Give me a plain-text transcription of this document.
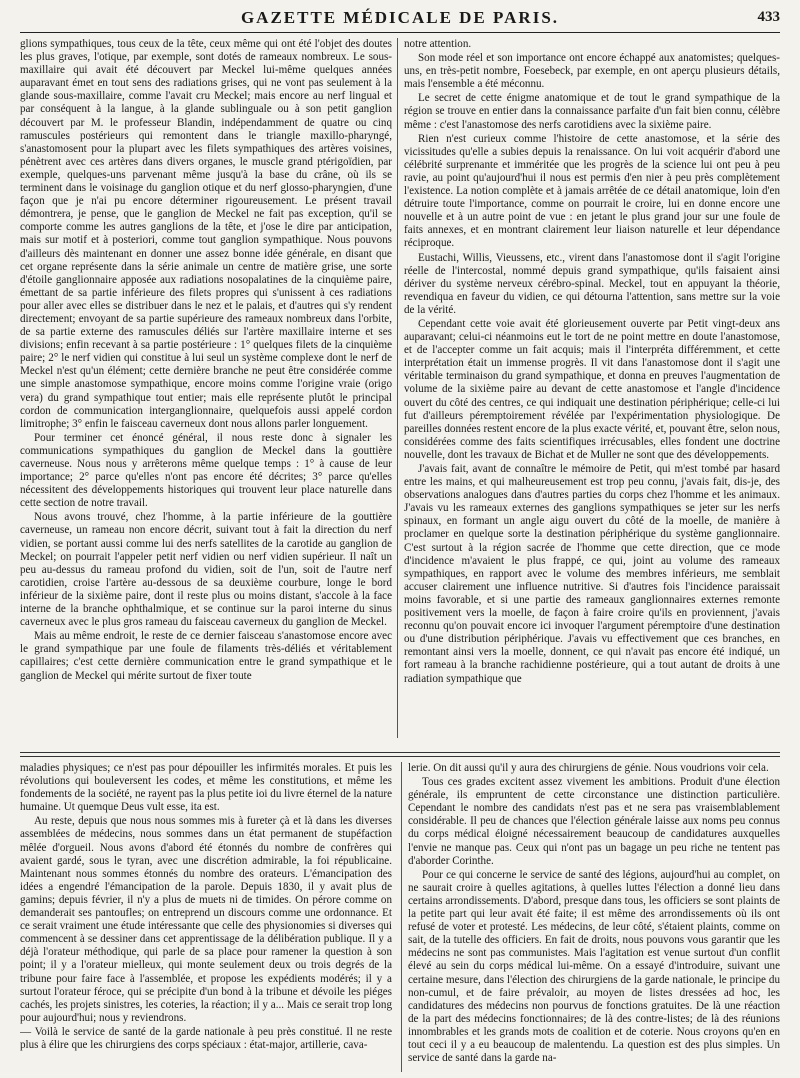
GAZETTE MÉDICALE DE PARIS.	433

glions sympathiques, tous ceux de la tête, ceux même qui ont été l'objet des doutes les plus graves, l'otique, par exemple, sont dotés de rameaux nombreux. Le sous-maxillaire qui avait été découvert par Meckel lui-même quelques années auparavant émet en tout sens des radiations grises, qui ne vont pas seulement à la glande sous-maxillaire, comme l'avait cru Meckel; mais encore au nerf lingual et par conséquent à la langue, à la glande sublinguale ou à son petit ganglion découvert par M. le professeur Blandin, indépendamment de quatre ou cinq ramuscules postérieurs qui remontent dans le triangle maxillo-pharyngé, s'anastomosent pour la plupart avec les filets sympathiques des artères voisines, pénètrent avec ces artères dans divers organes, le muscle grand ptérigoïdien, par exemple, quelques-uns parvenant même jusqu'à la base du crâne, où ils se terminent dans le voisinage du ganglion otique et du nerf glosso-pharyngien, d'une façon que je n'ai pu encore déterminer rigoureusement. Le présent travail démontrera, je pense, que le ganglion de Meckel ne fait pas exception, qu'il se comporte comme les autres ganglions de la tête, et j'ose le dire par anticipation, mais sur motif et à posteriori, comme tout ganglion sympathique. Nous pouvons d'ailleurs dès maintenant en donner une assez bonne idée générale, en disant que cet organe représente dans la série animale un centre de matière grise, une sorte d'étoile ganglionnaire apposée aux radiations nosopalatines de la cinquième paire, émettant de sa partie inférieure des filets propres qui s'unissent à ces radiations pour aller avec elles se distribuer dans le nez et le palais, et d'autres qui s'y rendent directement; envoyant de sa partie supérieure des rameaux nombreux dans l'orbite, de sa partie externe des ramuscules déliés sur l'artère maxillaire interne et ses divisions; enfin recevant à sa partie postérieure : 1° quelques filets de la cinquième paire; 2° le nerf vidien qui constitue à lui seul un système complexe dont le nerf de Meckel n'est qu'un élément; cette dernière branche ne peut être considérée comme une simple anastomose sympathique, encore moins comme l'origine vraie (origo vera) du grand sympathique tout entier; mais elle représente plutôt le principal cordon de communication interganglionnaire, quelquefois aussi appelé cordon limitrophe; 3° enfin le faisceau caverneux dont nous allons parler longuement.

Pour terminer cet énoncé général, il nous reste donc à signaler les communications sympathiques du ganglion de Meckel dans la gouttière caverneuse. Nous nous y arrêterons même quelque temps : 1° à cause de leur importance; 2° parce qu'elles n'ont pas encore été décrites; 3° parce qu'elles nécessitent des développements historiques qui trouvent leur place naturelle dans cette section de notre travail.

Nous avons trouvé, chez l'homme, à la partie inférieure de la gouttière caverneuse, un rameau non encore décrit, suivant tout à fait la direction du nerf vidien, se portant aussi comme lui des nerfs satellites de la carotide au ganglion de Meckel; on pourrait l'appeler petit nerf vidien ou nerf vidien supérieur. Il naît un peu au-dessus du rameau profond du vidien, soit de l'un, soit de l'autre nerf carotidien, croise l'artère au-dessous de sa deuxième courbure, longe le bord inférieur de la sixième paire, dont il reste plus ou moins distant, s'accole à la face interne de la branche ophthalmique, et se continue sur la paroi interne du sinus caverneux avec le plus gros rameau du faisceau caverneux du ganglion de Meckel.

Mais au même endroit, le reste de ce dernier faisceau s'anastomose encore avec le grand sympathique par une foule de filaments très-déliés et véritablement capillaires; c'est cette dernière communication entre le grand sympathique et le ganglion de Meckel qui mérite surtout de fixer toute

notre attention.

Son mode réel et son importance ont encore échappé aux anatomistes; quelques-uns, en très-petit nombre, Foesebeck, par exemple, en ont aperçu plusieurs détails, mais l'ensemble a été méconnu.

Le secret de cette énigme anatomique et de tout le grand sympathique de la région se trouve en entier dans la connaissance parfaite d'un fait bien connu, célèbre même : c'est l'anastomose des nerfs carotidiens avec la sixième paire.

Rien n'est curieux comme l'histoire de cette anastomose, et la série des vicissitudes qu'elle a subies depuis la renaissance. On lui voit acquérir d'abord une célébrité surprenante et imméritée que les progrès de la science lui ont peu à peu ravie, au point qu'aujourd'hui il nous est permis d'en nier à peu près complètement l'existence. La notion complète et à jamais arrêtée de ce détail anatomique, loin d'en détruire toute l'importance, comme on pourrait le croire, lui en donne encore une nouvelle et à un autre point de vue : en jetant le plus grand jour sur une foule de faits annexes, et en montrant clairement leur liaison naturelle et leur dépendance réciproque.

Eustachi, Willis, Vieussens, etc., virent dans l'anastomose dont il s'agit l'origine réelle de l'intercostal, nommé depuis grand sympathique, qu'ils faisaient ainsi dériver du système nerveux cérébro-spinal. Meckel, tout en appuyant la théorie, revendiqua en faveur du vidien, ce qui détourna l'attention, sans mettre sur la voie de la vérité.

Cependant cette voie avait été glorieusement ouverte par Petit vingt-deux ans auparavant; celui-ci néanmoins eut le tort de ne point mettre en doute l'anastomose, et de l'accepter comme un fait acquis; mais il l'interpréta différemment, et cette interprétation était un immense progrès. Il vit dans l'anastomose dont il s'agit une véritable terminaison du grand sympathique, et donna en preuves l'augmentation de volume de la sixième paire au devant de cette anastomose et l'angle d'incidence ouvert du côté des centres, ce qui indiquait une destination périphérique; celle-ci lui fut d'ailleurs péremptoirement révélée par l'expérimentation physiologique. De pareilles données restent encore de la plus exacte vérité, et, pouvant être, selon nous, considérées comme des faits scientifiques irrécusables, elles fondent une doctrine nouvelle, dont les travaux de Bichat et de Muller ne sont que des développements.

J'avais fait, avant de connaître le mémoire de Petit, qui m'est tombé par hasard entre les mains, et qui malheureusement est trop peu connu, j'avais fait, dis-je, des observations analogues dans d'autres parties du corps chez l'homme et les animaux. J'avais vu les rameaux externes des ganglions sympathiques se jeter sur les nerfs spinaux, en formant un angle aigu ouvert du côté de la moelle, de manière à proclamer en quelque sorte la destination périphérique du système ganglionnaire. C'est surtout à la région sacrée de l'homme que cette direction, que ce mode d'incidence m'avaient le plus frappé, ce qui, joint au volume des rameaux sympathiques, en rapport avec le volume des membres inférieurs, me semblait accuser clairement une influence nutritive. Si d'autres fois l'incidence paraissait moins favorable, et si une partie des rameaux ganglionnaires externes remonte positivement vers la moelle, de façon à faire croire qu'ils en proviennent, j'avais reconnu qu'on pouvait encore ici invoquer l'argument péremptoire d'une destination ou d'une distribution périphérique. J'avais vu effectivement que ces branches, en remontant ainsi vers la moelle, donnent, ce qui n'avait pas encore été indiqué, un fort rameau à la branche rachidienne postérieure, qui a tout autant de droits à une radiation sympathique que

maladies physiques; ce n'est pas pour dépouiller les infirmités morales. Et puis les révolutions qui bouleversent les codes, et même les constitutions, et même les fondements de la société, ne rayent pas la plus petite ioi du livre éternel de la nature humaine. Ut quemque Deus vult esse, ita est.

Au reste, depuis que nous nous sommes mis à fureter çà et là dans les diverses assemblées de médecins, nous sommes dans un état permanent de stupéfaction mêlée d'orgueil. Nous avons d'abord été étonnés du nombre de confrères qui avaient gardé, sous le tyran, avec une discrétion admirable, la foi républicaine. Maintenant nous sommes étonnés du nombre des orateurs. L'émancipation des idées a engendré l'émancipation de la parole. Depuis 1830, il y avait plus de gamins; depuis février, il n'y a plus de muets ni de timides. On pérore comme on demanderait ses pantoufles; on entreprend un discours comme une ordonnance. Et ce serait vraiment une étude intéressante que celle des physionomies si diverses qui commencent à se dessiner dans cet apprentissage de la délibération publique. Il y a déjà l'orateur méthodique, qui parle de sa place pour ramener la question à son point; il y a l'orateur mielleux, qui monte seulement deux ou trois degrés de la tribune pour faire face à l'assemblée, et propose les expédients modérés; il y a surtout l'orateur féroce, qui se précipite d'un bond à la tribune et dévoile les piéges cachés, les projets sinistres, les coteries, la réaction; il y a... Mais ce serait trop long pour aujourd'hui; nous y reviendrons.

— Voilà le service de santé de la garde nationale à peu près constitué. Il ne reste plus à élire que les chirurgiens des corps spéciaux : état-major, artillerie, cava-

lerie. On dit aussi qu'il y aura des chirurgiens de génie. Nous voudrions voir cela.

Tous ces grades excitent assez vivement les ambitions. Produit d'une élection générale, ils empruntent de cette circonstance une distinction particulière. Cependant le nombre des candidats n'est pas et ne sera pas vraisemblablement considérable. Il peu de chances que l'élection générale laisse aux noms peu connus du corps médical éloigné nécessairement beaucoup de candidatures auxquelles l'envie ne manque pas. Ceux qui n'ont pas un bagage un peu riche ne tentent pas d'aborder Corinthe.

Pour ce qui concerne le service de santé des légions, aujourd'hui au complet, on ne saurait croire à quelles agitations, à quelles luttes l'élection a donné lieu dans certains arrondissements. D'abord, presque dans tous, les officiers se sont plaints de la petite part qui leur avait été faite; il est même des arrondissements où ils ont refusé de voter et protesté. Les médecins, de leur côté, s'étaient plaints, comme on sait, de la tutelle des officiers. En fait de droits, nous pouvons vous garantir que les médecins ne sont pas communistes. Mais l'agitation est venue surtout d'un conflit élevé au sein du corps médical lui-même. On a essayé d'introduire, suivant une certaine mesure, dans l'élection des chirurgiens de la garde nationale, le principe du non-cumul, et de faire prévaloir, au moyen de listes dressées ad hoc, les candidatures des médecins non pourvus de fonctions gratuites. De là une réaction de la part des médecins fonctionnaires; de là des contre-listes; de là des réunions innombrables et les grands mots de coalition et de coterie. Nous croyons qu'en en tout ceci il y a eu beaucoup de malentendu. La question est des plus simples. Un service de santé dans la garde na-
